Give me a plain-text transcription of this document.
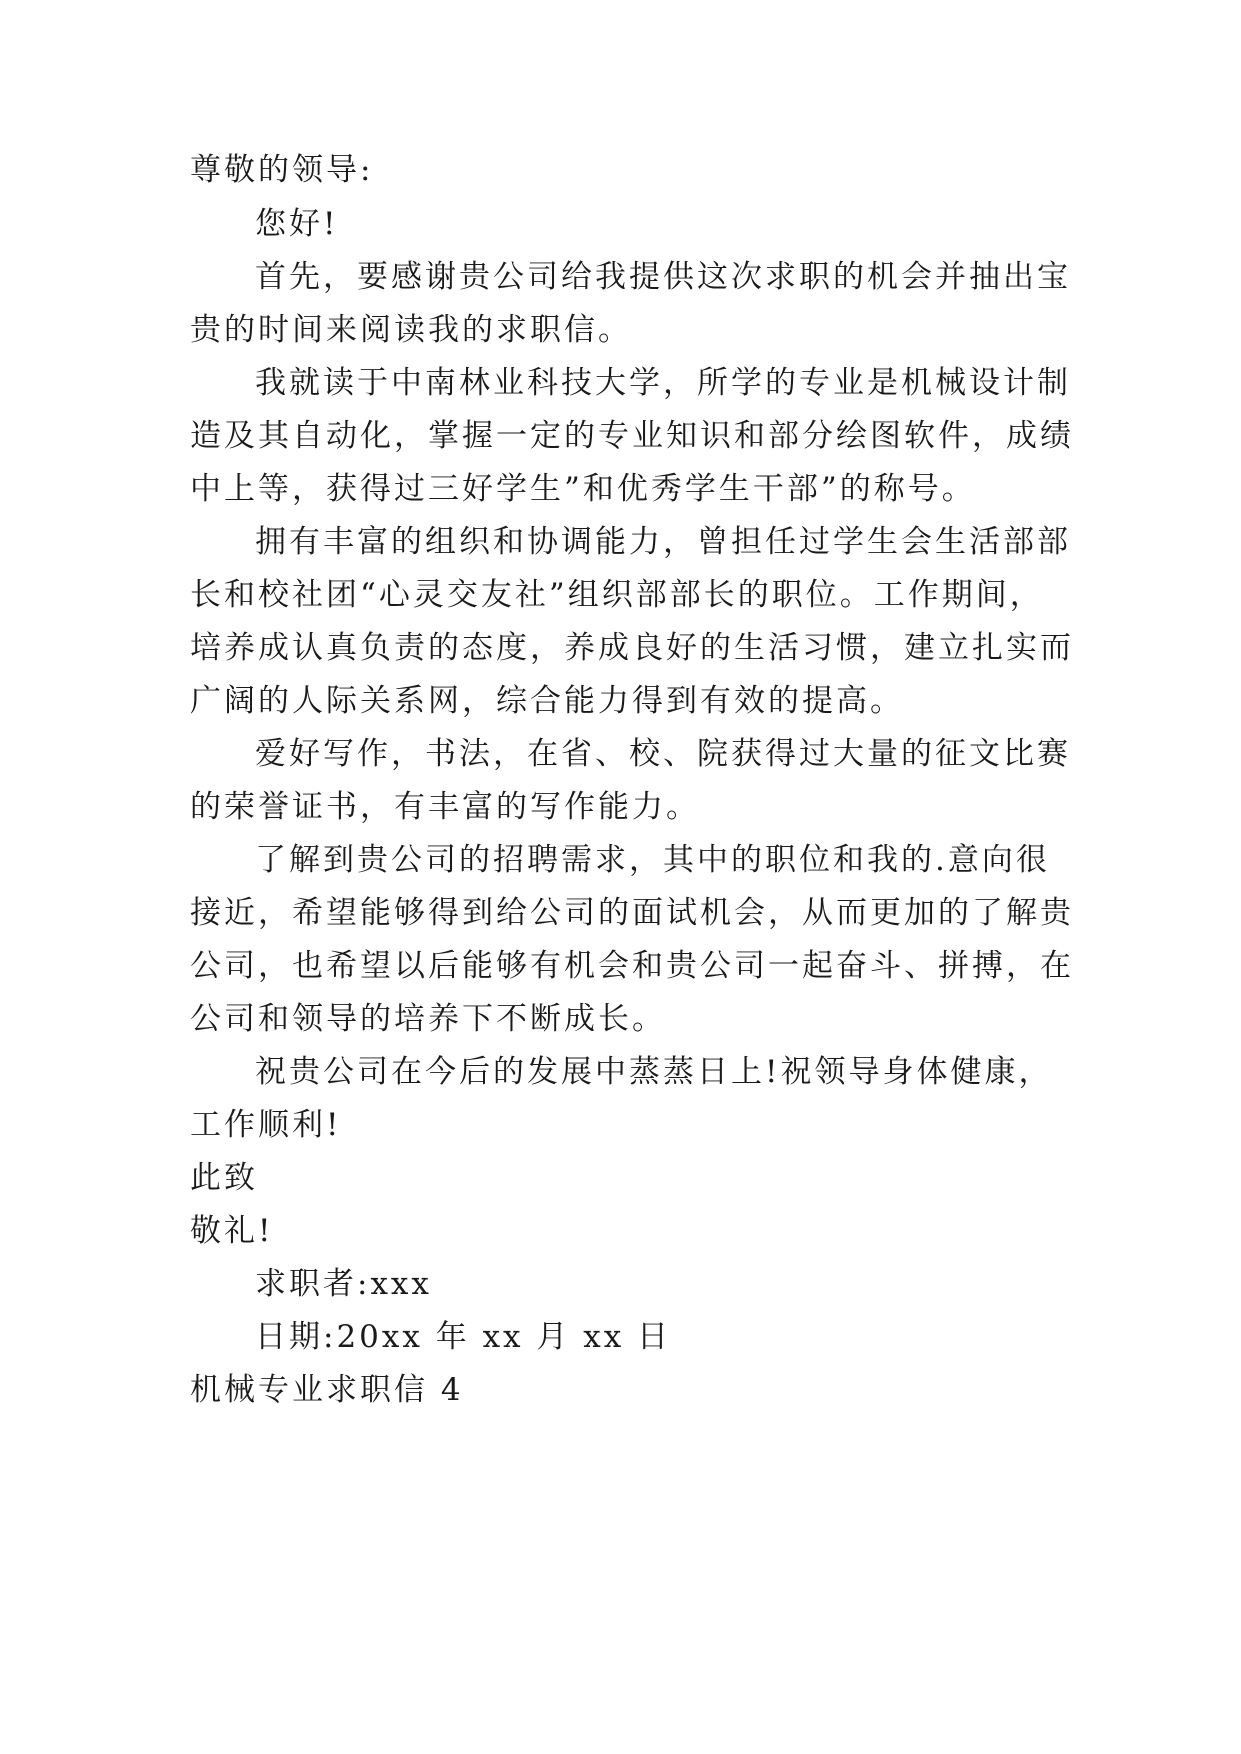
尊敬的领导:
您好!
首先，要感谢贵公司给我提供这次求职的机会并抽出宝
贵的时间来阅读我的求职信。
我就读于中南林业科技大学，所学的专业是机械设计制
造及其自动化，掌握一定的专业知识和部分绘图软件，成绩
中上等，获得过三好学生”和优秀学生干部”的称号。
拥有丰富的组织和协调能力，曾担任过学生会生活部部
长和校社团“心灵交友社”组织部部长的职位。工作期间，
培养成认真负责的态度，养成良好的生活习惯，建立扎实而
广阔的人际关系网，综合能力得到有效的提高。
爱好写作，书法，在省、校、院获得过大量的征文比赛
的荣誉证书，有丰富的写作能力。
了解到贵公司的招聘需求，其中的职位和我的.意向很
接近，希望能够得到给公司的面试机会，从而更加的了解贵
公司，也希望以后能够有机会和贵公司一起奋斗、拼搏，在
公司和领导的培养下不断成长。
祝贵公司在今后的发展中蒸蒸日上!祝领导身体健康，
工作顺利!
此致
敬礼!
求职者:xxx
日期:20xx 年 xx 月 xx 日
机械专业求职信 4
